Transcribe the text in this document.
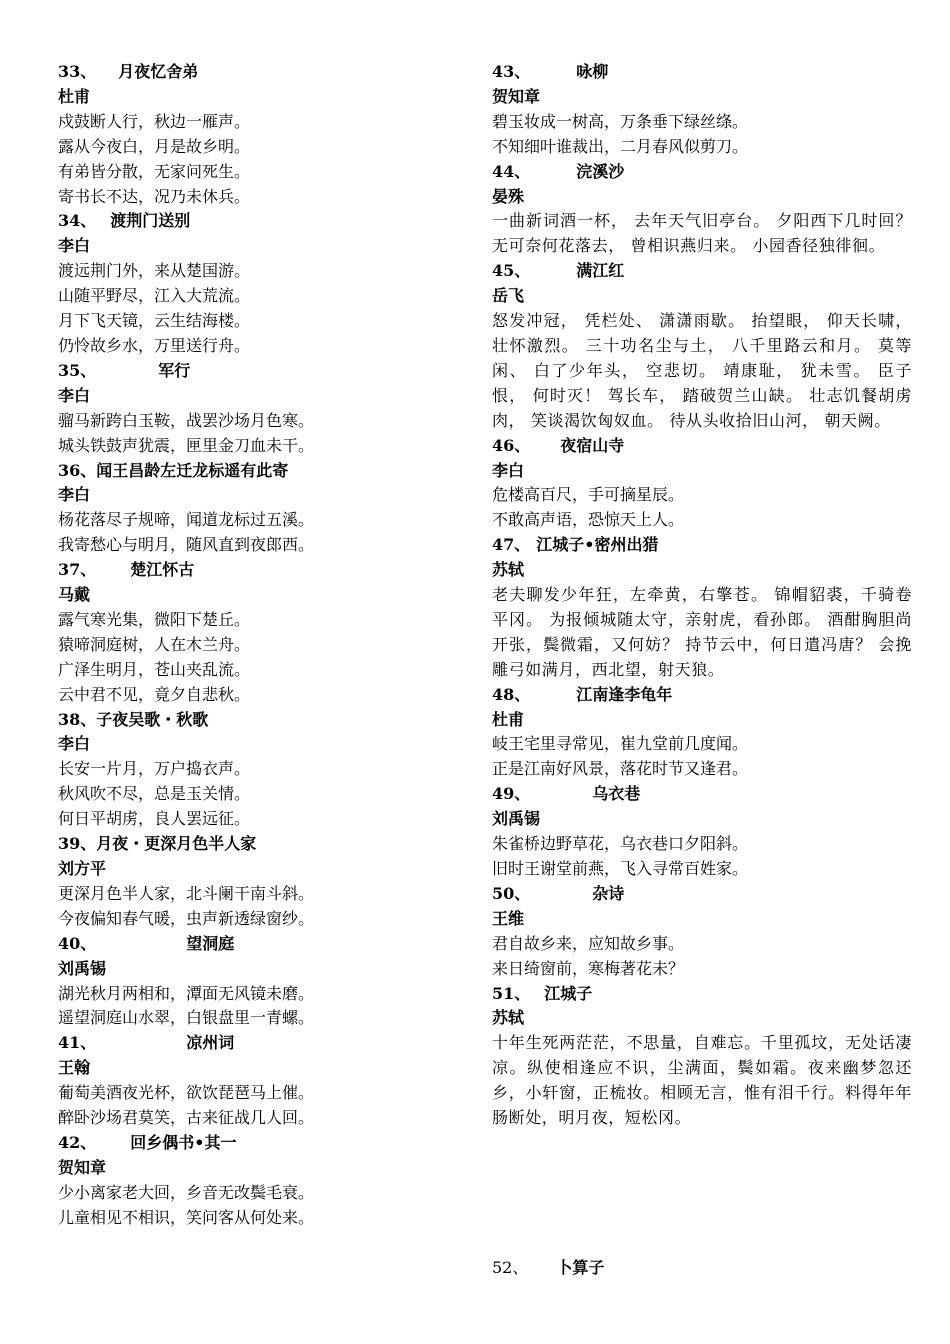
33、 月夜忆舍弟
杜甫
戍鼓断人行，秋边一雁声。
露从今夜白，月是故乡明。
有弟皆分散，无家问死生。
寄书长不达，况乃未休兵。
34、 渡荆门送别
李白
渡远荆门外，来从楚国游。
山随平野尽，江入大荒流。
月下飞天镜，云生结海楼。
仍怜故乡水，万里送行舟。
35、	军行
李白
骝马新跨白玉鞍，战罢沙场月色寒。
城头铁鼓声犹震，匣里金刀血未干。
36、闻王昌龄左迁龙标遥有此寄
李白
杨花落尽子规啼，闻道龙标过五溪。
我寄愁心与明月，随风直到夜郎西。
37、 楚江怀古
马戴
露气寒光集，微阳下楚丘。
猿啼洞庭树，人在木兰舟。
广泽生明月，苍山夹乱流。
云中君不见，竟夕自悲秋。
38、子夜吴歌・秋歌
李白
长安一片月，万户捣衣声。
秋风吹不尽，总是玉关情。
何日平胡虏，良人罢远征。
39、月夜・更深月色半人家
刘方平
更深月色半人家，北斗阑干南斗斜。
今夜偏知春气暖，虫声新透绿窗纱。
40、	望洞庭
刘禹锡
湖光秋月两相和，潭面无风镜未磨。
遥望洞庭山水翠，白银盘里一青螺。
41、	凉州词
王翰
葡萄美酒夜光杯，欲饮琵琶马上催。
醉卧沙场君莫笑，古来征战几人回。
42、 回乡偶书•其一
贺知章
少小离家老大回，乡音无改鬓毛衰。
儿童相见不相识，笑问客从何处来。
43、	咏柳
贺知章
碧玉妆成一树高，万条垂下绿丝绦。
不知细叶谁裁出，二月春风似剪刀。
44、	浣溪沙
晏殊
一曲新词酒一杯， 去年天气旧亭台。 夕阳西下几时回？ 无可奈何花落去， 曾相识燕归来。 小园香径独徘徊。
45、	满江红
岳飞
怒发冲冠， 凭栏处、 潇潇雨歇。 抬望眼， 仰天长啸， 壮怀激烈。 三十功名尘与土， 八千里路云和月。 莫等闲、 白了少年头， 空悲切。 靖康耻， 犹未雪。 臣子恨， 何时灭！ 驾长车， 踏破贺兰山缺。 壮志饥餐胡虏肉， 笑谈渴饮匈奴血。 待从头收拾旧山河， 朝天阙。
46、 夜宿山寺
李白
危楼高百尺，手可摘星辰。
不敢高声语，恐惊天上人。
47、 江城子•密州出猎
苏轼
老夫聊发少年狂，左牵黄，右擎苍。 锦帽貂裘，千骑卷平冈。 为报倾城随太守，亲射虎，看孙郎。 酒酣胸胆尚开张，鬓微霜，又何妨？ 持节云中，何日遣冯唐？ 会挽雕弓如满月，西北望，射天狼。
48、	江南逢李龟年
杜甫
岐王宅里寻常见，崔九堂前几度闻。
正是江南好风景，落花时节又逢君。
49、	乌衣巷
刘禹锡
朱雀桥边野草花，乌衣巷口夕阳斜。
旧时王谢堂前燕，飞入寻常百姓家。
50、	杂诗
王维
君自故乡来，应知故乡事。
来日绮窗前，寒梅著花未？
51、 江城子
苏轼
十年生死两茫茫，不思量，自难忘。千里孤坟，无处话凄凉。纵使相逢应不识，尘满面，鬓如霜。夜来幽梦忽还乡，小轩窗，正梳妆。相顾无言，惟有泪千行。料得年年肠断处，明月夜，短松冈。
52、 卜算子
